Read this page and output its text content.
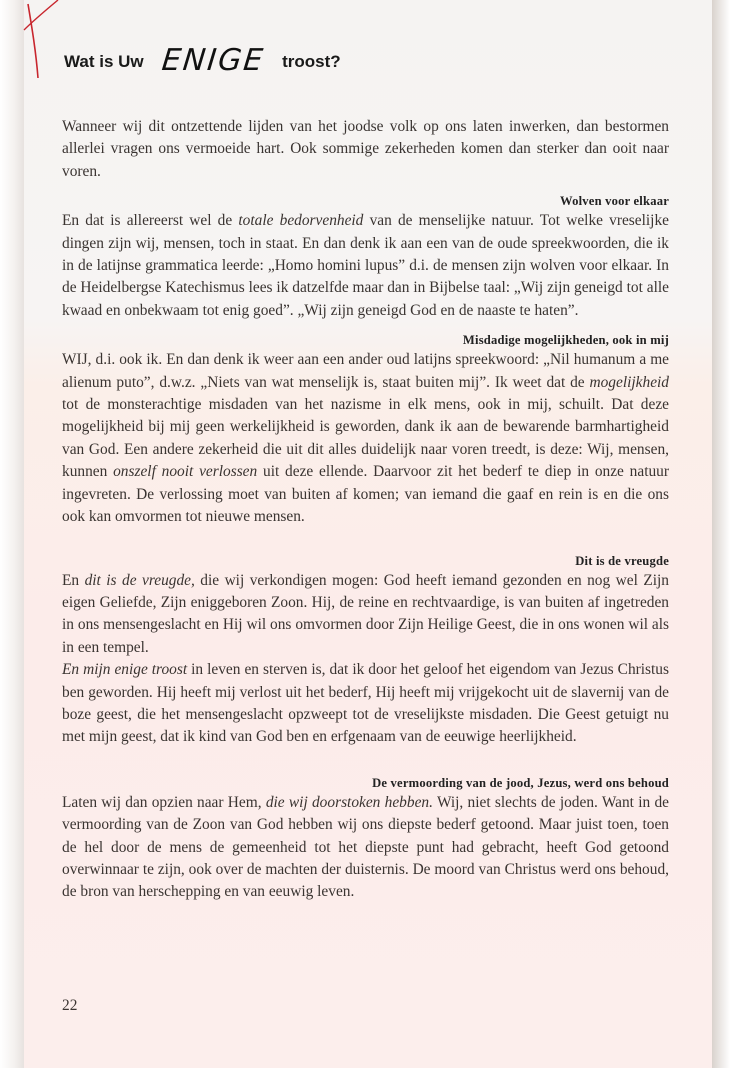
Wat is Uw ENIGE troost?

Wanneer wij dit ontzettende lijden van het joodse volk op ons laten inwerken, dan bestormen allerlei vragen ons vermoeide hart. Ook sommige zekerheden komen dan sterker dan ooit naar voren.

Wolven voor elkaar

En dat is allereerst wel de totale bedorvenheid van de menselijke natuur. Tot welke vreselijke dingen zijn wij, mensen, toch in staat. En dan denk ik aan een van de oude spreekwoorden, die ik in de latijnse grammatica leerde: „Homo homini lupus” d.i. de mensen zijn wolven voor elkaar. In de Heidelbergse Katechismus lees ik datzelfde maar dan in Bijbelse taal: „Wij zijn geneigd tot alle kwaad en onbekwaam tot enig goed”. „Wij zijn geneigd God en de naaste te haten”.

Misdadige mogelijkheden, ook in mij

WIJ, d.i. ook ik. En dan denk ik weer aan een ander oud latijns spreekwoord: „Nil humanum a me alienum puto”, d.w.z. „Niets van wat menselijk is, staat buiten mij”. Ik weet dat de mogelijkheid tot de monsterachtige misdaden van het nazisme in elk mens, ook in mij, schuilt. Dat deze mogelijkheid bij mij geen werkelijkheid is geworden, dank ik aan de bewarende barmhartigheid van God. Een andere zekerheid die uit dit alles duidelijk naar voren treedt, is deze: Wij, mensen, kunnen onszelf nooit verlossen uit deze ellende. Daarvoor zit het bederf te diep in onze natuur ingevreten. De verlossing moet van buiten af komen; van iemand die gaaf en rein is en die ons ook kan omvormen tot nieuwe mensen.

Dit is de vreugde

En dit is de vreugde, die wij verkondigen mogen: God heeft iemand gezonden en nog wel Zijn eigen Geliefde, Zijn eniggeboren Zoon. Hij, de reine en rechtvaardige, is van buiten af ingetreden in ons mensengeslacht en Hij wil ons omvormen door Zijn Heilige Geest, die in ons wonen wil als in een tempel.

En mijn enige troost in leven en sterven is, dat ik door het geloof het eigendom van Jezus Christus ben geworden. Hij heeft mij verlost uit het bederf, Hij heeft mij vrijgekocht uit de slavernij van de boze geest, die het mensengeslacht opzweept tot de vreselijkste misdaden. Die Geest getuigt nu met mijn geest, dat ik kind van God ben en erfgenaam van de eeuwige heerlijkheid.

De vermoording van de jood, Jezus, werd ons behoud

Laten wij dan opzien naar Hem, die wij doorstoken hebben. Wij, niet slechts de joden. Want in de vermoording van de Zoon van God hebben wij ons diepste bederf getoond. Maar juist toen, toen de hel door de mens de gemeenheid tot het diepste punt had gebracht, heeft God getoond overwinnaar te zijn, ook over de machten der duisternis. De moord van Christus werd ons behoud, de bron van herschepping en van eeuwig leven.

22
